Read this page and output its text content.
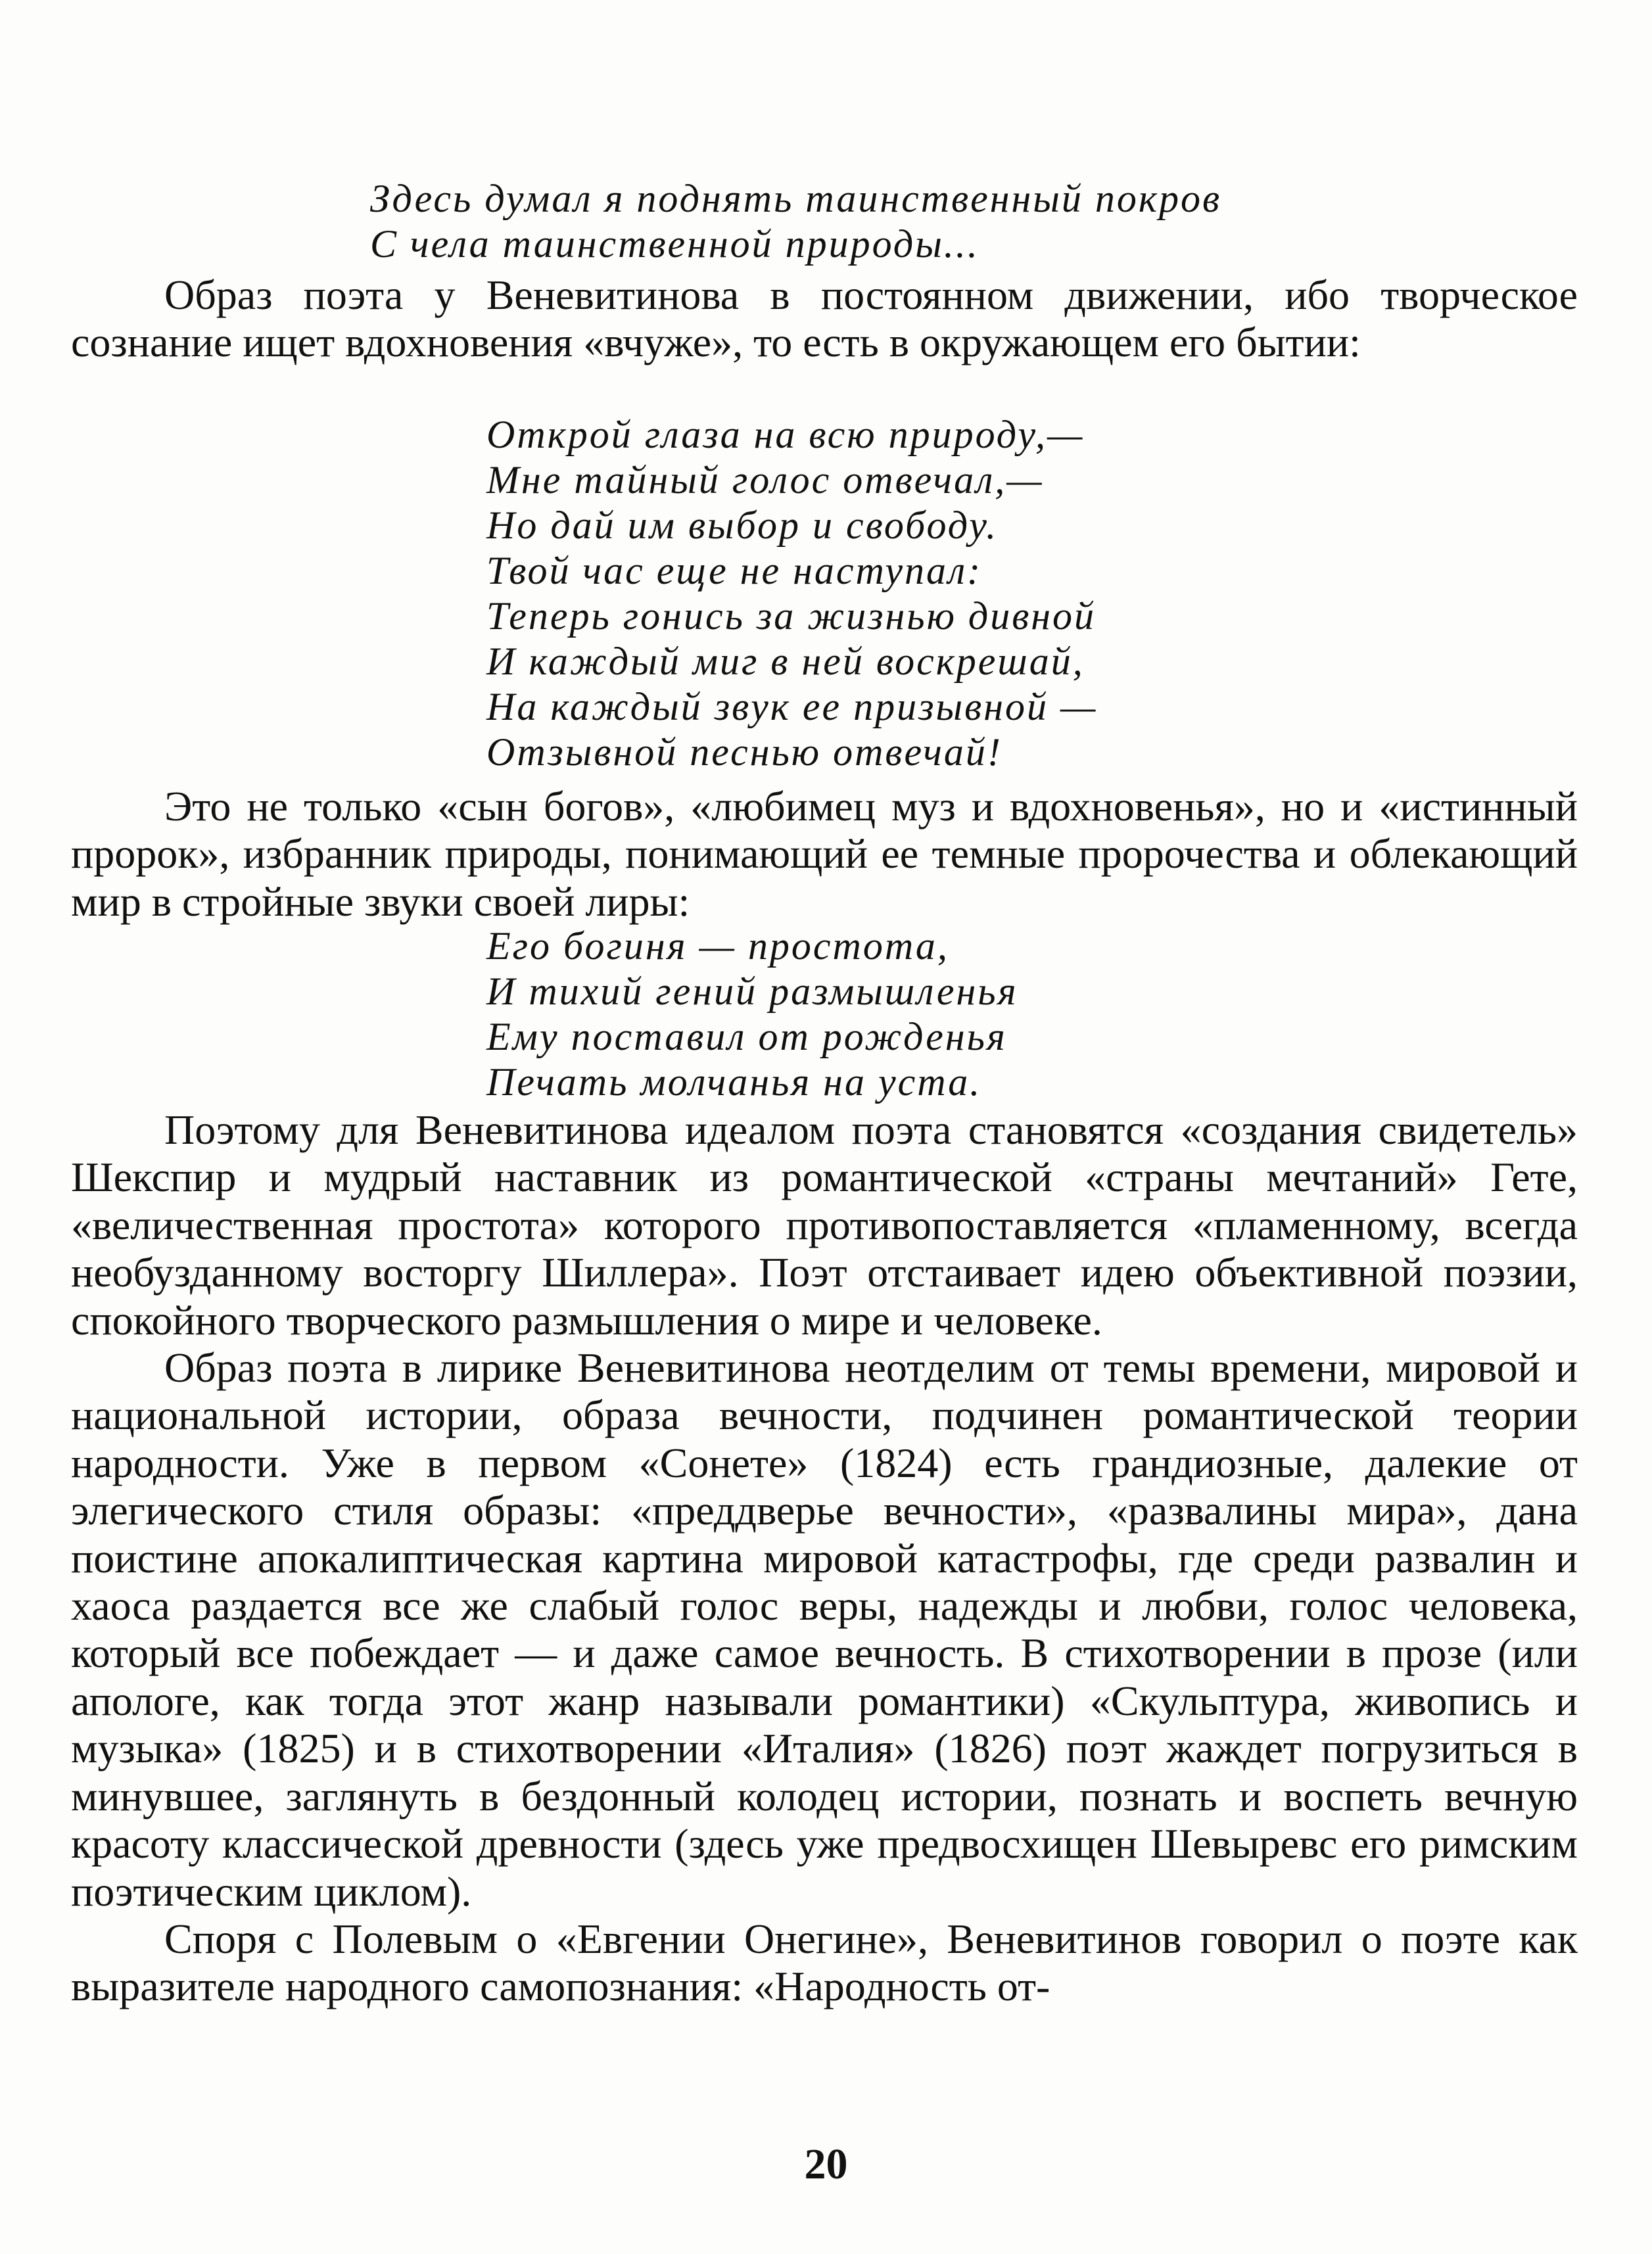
Здесь думал я поднять таинственный покров
С чела таинственной природы...

Образ поэта у Веневитинова в постоянном движении, ибо творческое сознание ищет вдохновения «вчуже», то есть в окружающем его бытии:

Открой глаза на всю природу,—
Мне тайный голос отвечал,—
Но дай им выбор и свободу.
Твой час еще не наступал:
Теперь гонись за жизнью дивной
И каждый миг в ней воскрешай,
На каждый звук ее призывной —
Отзывной песнью отвечай!

Это не только «сын богов», «любимец муз и вдохновенья», но и «истинный пророк», избранник природы, понимающий ее темные пророчества и облекающий мир в стройные звуки своей лиры:

Его богиня — простота,
И тихий гений размышленья
Ему поставил от рожденья
Печать молчанья на уста.

Поэтому для Веневитинова идеалом поэта становятся «создания свидетель» Шекспир и мудрый наставник из романтической «страны мечтаний» Гете, «величественная простота» которого противопоставляется «пламенному, всегда необузданному восторгу Шиллера». Поэт отстаивает идею объективной поэзии, спокойного творческого размышления о мире и человеке.

Образ поэта в лирике Веневитинова неотделим от темы времени, мировой и национальной истории, образа вечности, подчинен романтической теории народности. Уже в первом «Сонете» (1824) есть грандиозные, далекие от элегического стиля образы: «преддверье вечности», «развалины мира», дана поистине апокалиптическая картина мировой катастрофы, где среди развалин и хаоса раздается все же слабый голос веры, надежды и любви, голос человека, который все побеждает — и даже самое вечность. В стихотворении в прозе (или апологе, как тогда этот жанр называли романтики) «Скульптура, живопись и музыка» (1825) и в стихотворении «Италия» (1826) поэт жаждет погрузиться в минувшее, заглянуть в бездонный колодец истории, познать и воспеть вечную красоту классической древности (здесь уже предвосхищен Шевыревс его римским поэтическим циклом).

Споря с Полевым о «Евгении Онегине», Веневитинов говорил о поэте как выразителе народного самопознания: «Народность от-

20
